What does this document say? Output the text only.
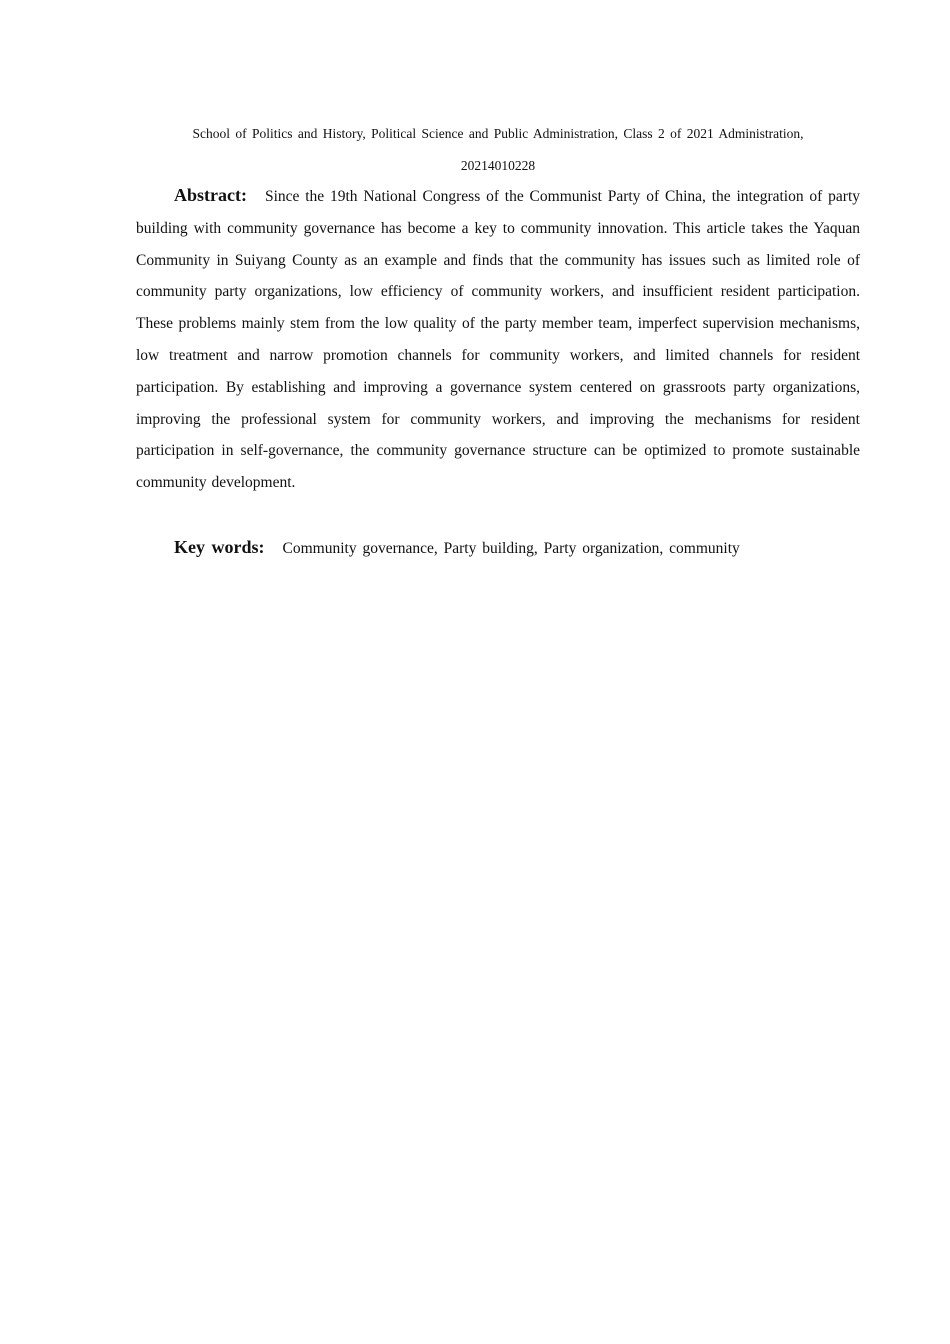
School of Politics and History, Political Science and Public Administration, Class 2 of 2021 Administration,
20214010228

Abstract: Since the 19th National Congress of the Communist Party of China, the integration of party building with community governance has become a key to community innovation. This article takes the Yaquan Community in Suiyang County as an example and finds that the community has issues such as limited role of community party organizations, low efficiency of community workers, and insufficient resident participation. These problems mainly stem from the low quality of the party member team, imperfect supervision mechanisms, low treatment and narrow promotion channels for community workers, and limited channels for resident participation. By establishing and improving a governance system centered on grassroots party organizations, improving the professional system for community workers, and improving the mechanisms for resident participation in self-governance, the community governance structure can be optimized to promote sustainable community development.

Key words: Community governance, Party building, Party organization, community
